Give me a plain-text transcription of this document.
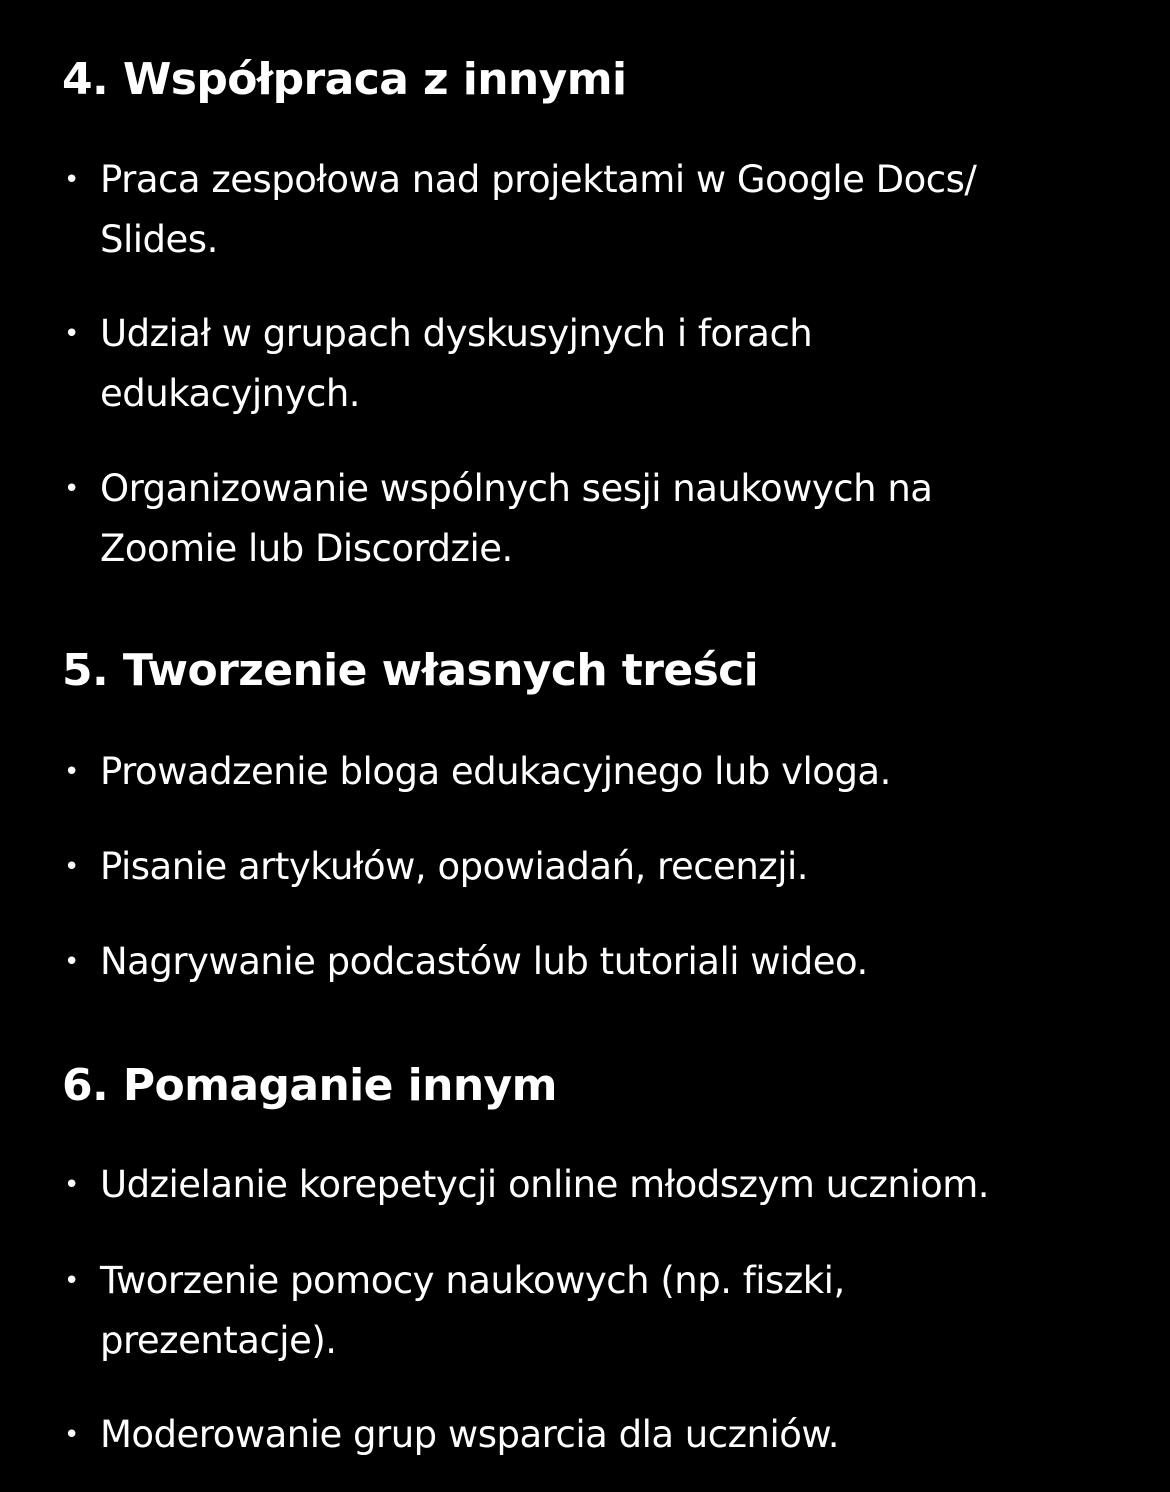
4. Współpraca z innymi
• Praca zespołowa nad projektami w Google Docs/
Slides.
• Udział w grupach dyskusyjnych i forach
edukacyjnych.
• Organizowanie wspólnych sesji naukowych na
Zoomie lub Discordzie.
5. Tworzenie własnych treści
• Prowadzenie bloga edukacyjnego lub vloga.
• Pisanie artykułów, opowiadań, recenzji.
• Nagrywanie podcastów lub tutoriali wideo.
6. Pomaganie innym
• Udzielanie korepetycji online młodszym uczniom.
• Tworzenie pomocy naukowych (np. fiszki,
prezentacje).
• Moderowanie grup wsparcia dla uczniów.
